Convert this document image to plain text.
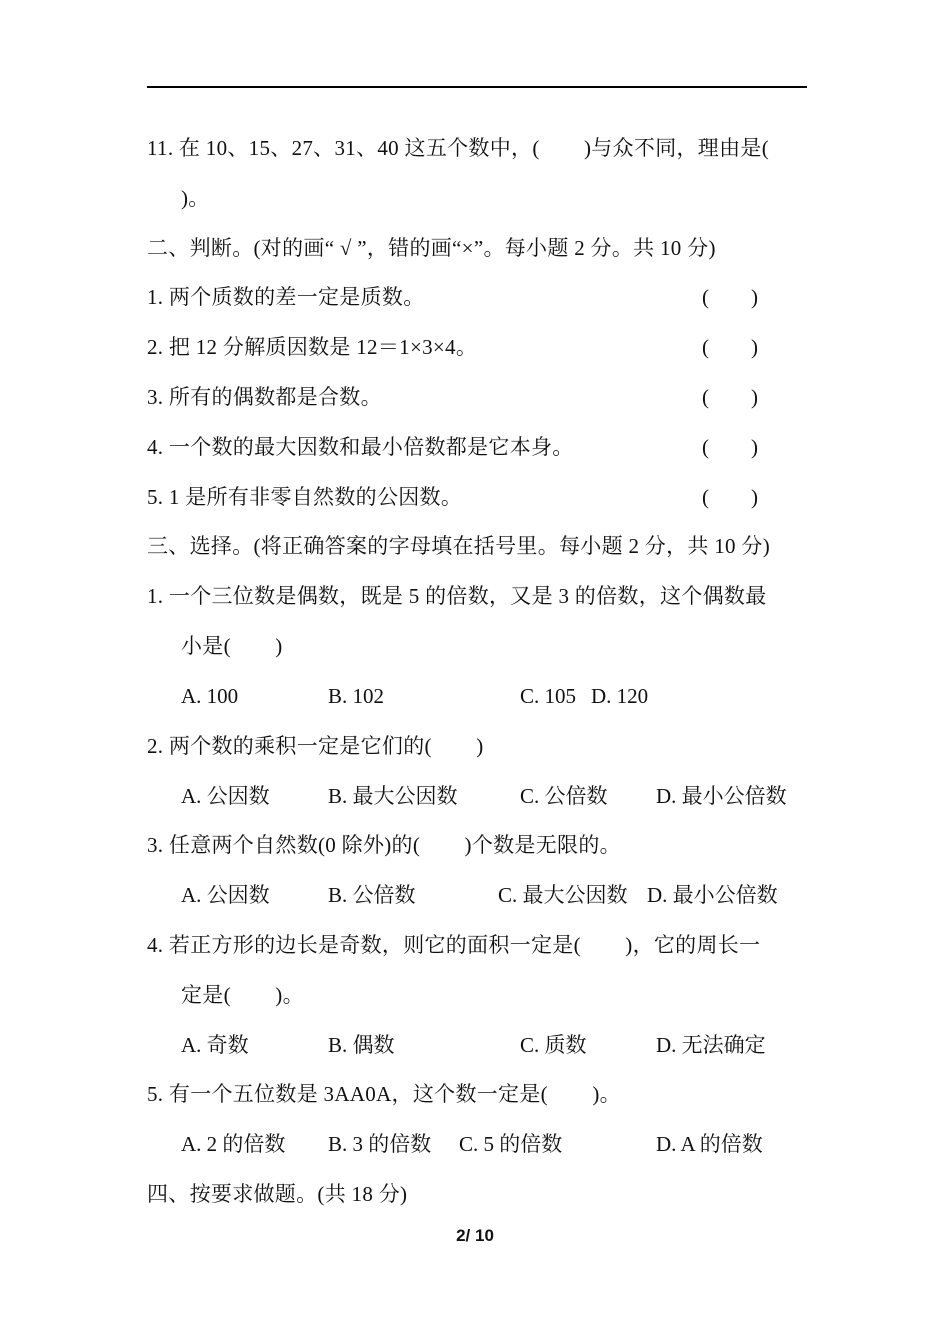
11. 在 10、15、27、31、40 这五个数中，(        )与众不同，理由是(
)。
二、判断。(对的画“ √ ”，错的画“×”。每小题 2 分。共 10 分)
1. 两个质数的差一定是质数。	(        )
2. 把 12 分解质因数是 12＝1×3×4。	(        )
3. 所有的偶数都是合数。	(        )
4. 一个数的最大因数和最小倍数都是它本身。	(        )
5. 1 是所有非零自然数的公因数。	(        )
三、选择。(将正确答案的字母填在括号里。每小题 2 分，共 10 分)
1. 一个三位数是偶数，既是 5 的倍数，又是 3 的倍数，这个偶数最
小是(        )
A. 100	B. 102	C. 105 D. 120
2. 两个数的乘积一定是它们的(        )
A. 公因数	B. 最大公因数	C. 公倍数 D. 最小公倍数
3. 任意两个自然数(0 除外)的(        )个数是无限的。
A. 公因数	B. 公倍数	C. 最大公因数 D. 最小公倍数
4. 若正方形的边长是奇数，则它的面积一定是(        )，它的周长一
定是(        )。
A. 奇数	B. 偶数	C. 质数	D. 无法确定
5. 有一个五位数是 3AA0A，这个数一定是(        )。
A. 2 的倍数 B. 3 的倍数 C. 5 的倍数	D. A 的倍数
四、按要求做题。(共 18 分)
2/ 10
